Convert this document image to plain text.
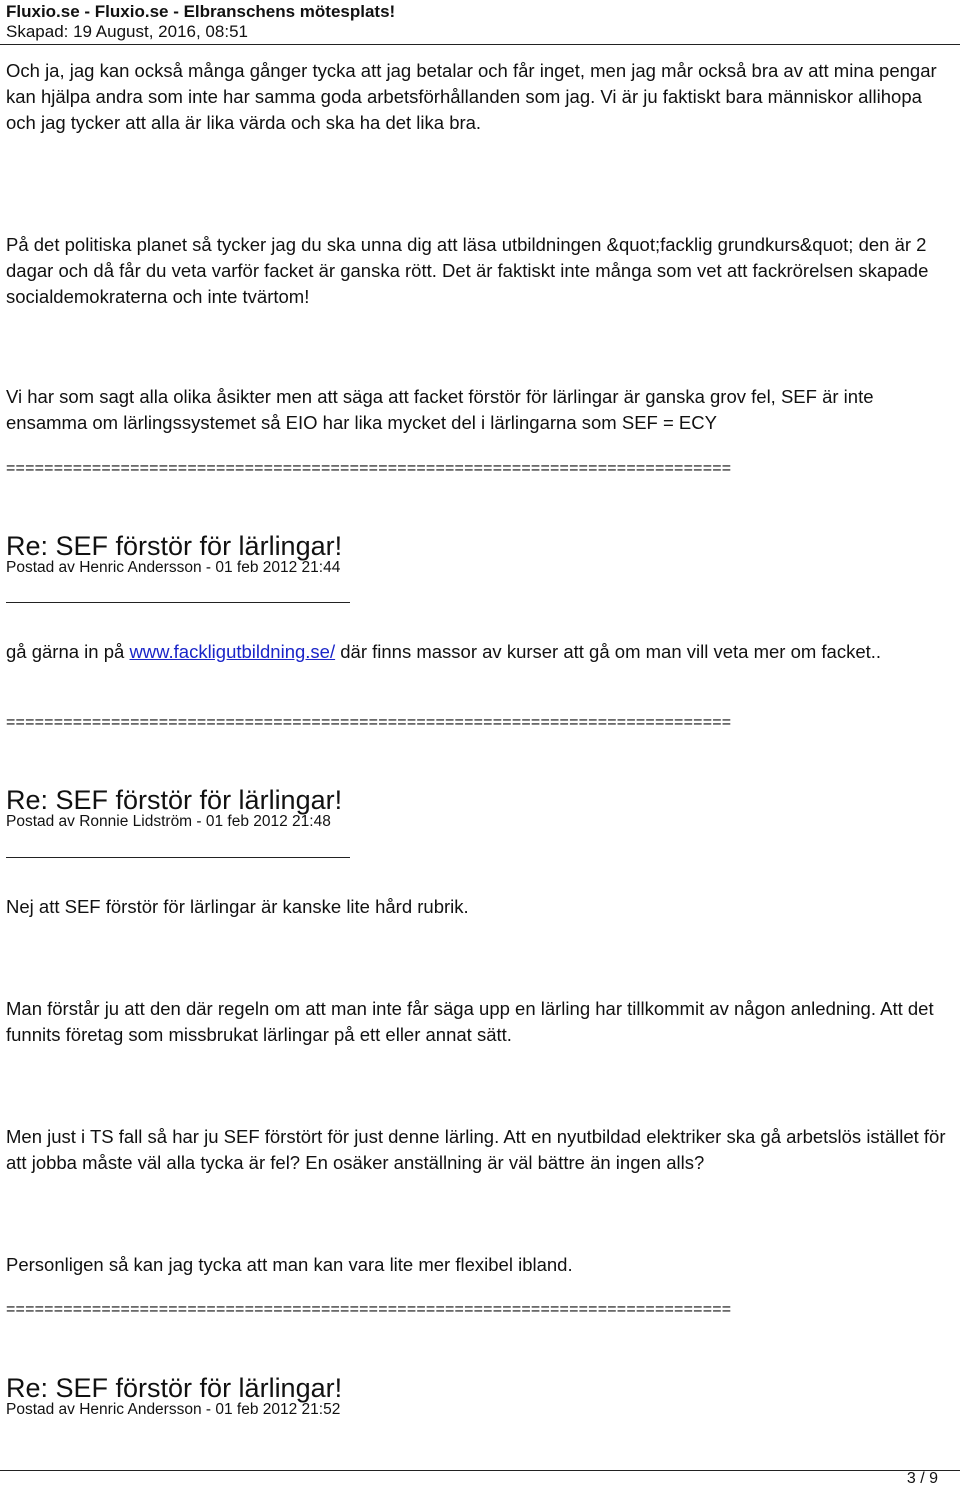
Fluxio.se - Fluxio.se - Elbranschens mötesplats!
Skapad: 19 August, 2016, 08:51
Och ja, jag kan också många gånger tycka att jag betalar och får inget, men jag mår också bra av att mina pengar kan hjälpa andra som inte har samma goda arbetsförhållanden som jag. Vi är ju faktiskt bara människor allihopa och jag tycker att alla är lika värda och ska ha det lika bra.
På det politiska planet så tycker jag du ska unna dig att läsa utbildningen &quot;facklig grundkurs&quot; den är 2 dagar och då får du veta varför facket är ganska rött. Det är faktiskt inte många som vet att fackrörelsen skapade socialdemokraterna och inte tvärtom!
Vi har som sagt alla olika åsikter men att säga att facket förstör för lärlingar är ganska grov fel, SEF är inte ensamma om lärlingssystemet så EIO har lika mycket del i lärlingarna som SEF = ECY
============================================================================
Re: SEF förstör för lärlingar!
Postad av Henric Andersson - 01 feb 2012 21:44
gå gärna in på www.fackligutbildning.se/ där finns massor av kurser att gå om man vill veta mer om facket..
============================================================================
Re: SEF förstör för lärlingar!
Postad av Ronnie Lidström - 01 feb 2012 21:48
Nej att SEF förstör för lärlingar är kanske lite hård rubrik.
Man förstår ju att den där regeln om att man inte får säga upp en lärling har tillkommit av någon anledning. Att det funnits företag som missbrukat lärlingar på ett eller annat sätt.
Men just i TS fall så har ju SEF förstört för just denne lärling. Att en nyutbildad elektriker ska gå arbetslös istället för att jobba måste väl alla tycka är fel? En osäker anställning är väl bättre än ingen alls?
Personligen så kan jag tycka att man kan vara lite mer flexibel ibland.
============================================================================
Re: SEF förstör för lärlingar!
Postad av Henric Andersson - 01 feb 2012 21:52
3 / 9
